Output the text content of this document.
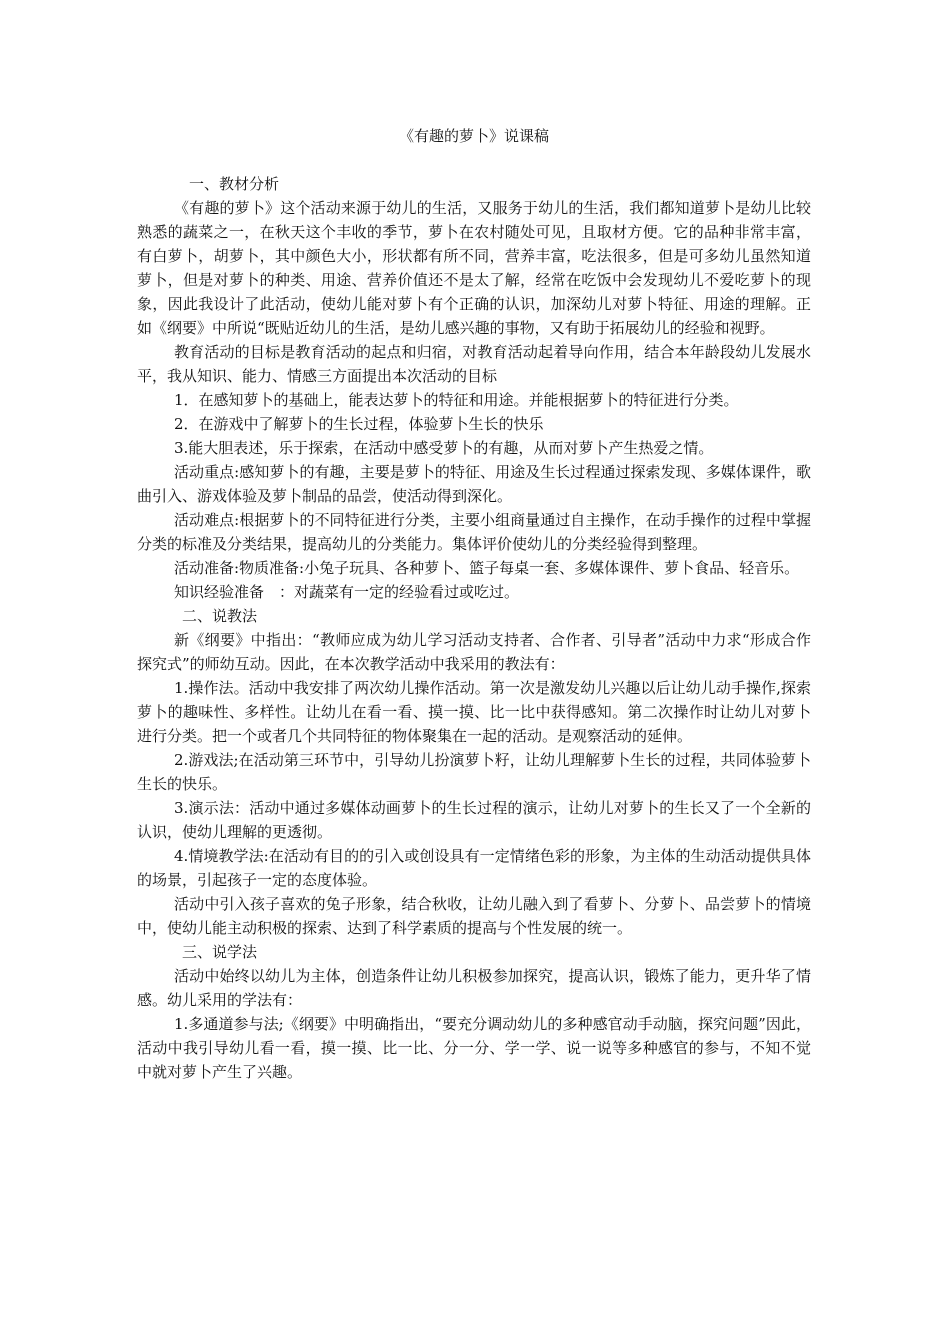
《有趣的萝卜》说课稿

一、教材分析

《有趣的萝卜》这个活动来源于幼儿的生活，又服务于幼儿的生活，我们都知道萝卜是幼儿比较熟悉的蔬菜之一，在秋天这个丰收的季节，萝卜在农村随处可见，且取材方便。它的品种非常丰富，有白萝卜，胡萝卜，其中颜色大小，形状都有所不同，营养丰富，吃法很多，但是可多幼儿虽然知道萝卜，但是对萝卜的种类、用途、营养价值还不是太了解，经常在吃饭中会发现幼儿不爱吃萝卜的现象，因此我设计了此活动，使幼儿能对萝卜有个正确的认识，加深幼儿对萝卜特征、用途的理解。正如《纲要》中所说“既贴近幼儿的生活，是幼儿感兴趣的事物，又有助于拓展幼儿的经验和视野。

教育活动的目标是教育活动的起点和归宿，对教育活动起着导向作用，结合本年龄段幼儿发展水平，我从知识、能力、情感三方面提出本次活动的目标

1．在感知萝卜的基础上，能表达萝卜的特征和用途。并能根据萝卜的特征进行分类。

2．在游戏中了解萝卜的生长过程，体验萝卜生长的快乐

3.能大胆表述，乐于探索，在活动中感受萝卜的有趣，从而对萝卜产生热爱之情。

活动重点:感知萝卜的有趣，主要是萝卜的特征、用途及生长过程通过探索发现、多媒体课件，歌曲引入、游戏体验及萝卜制品的品尝，使活动得到深化。

活动难点:根据萝卜的不同特征进行分类，主要小组商量通过自主操作，在动手操作的过程中掌握分类的标准及分类结果，提高幼儿的分类能力。集体评价使幼儿的分类经验得到整理。

活动准备:物质准备:小兔子玩具、各种萝卜、篮子每桌一套、多媒体课件、萝卜食品、轻音乐。

知识经验准备　：对蔬菜有一定的经验看过或吃过。

二、说教法

新《纲要》中指出：“教师应成为幼儿学习活动支持者、合作者、引导者”活动中力求“形成合作探究式”的师幼互动。因此，在本次教学活动中我采用的教法有：

1.操作法。活动中我安排了两次幼儿操作活动。第一次是激发幼儿兴趣以后让幼儿动手操作,探索萝卜的趣味性、多样性。让幼儿在看一看、摸一摸、比一比中获得感知。第二次操作时让幼儿对萝卜进行分类。把一个或者几个共同特征的物体聚集在一起的活动。是观察活动的延伸。

2.游戏法;在活动第三环节中，引导幼儿扮演萝卜籽，让幼儿理解萝卜生长的过程，共同体验萝卜生长的快乐。

3.演示法：活动中通过多媒体动画萝卜的生长过程的演示，让幼儿对萝卜的生长又了一个全新的认识，使幼儿理解的更透彻。

4.情境教学法:在活动有目的的引入或创设具有一定情绪色彩的形象，为主体的生动活动提供具体的场景，引起孩子一定的态度体验。

活动中引入孩子喜欢的兔子形象，结合秋收，让幼儿融入到了看萝卜、分萝卜、品尝萝卜的情境中，使幼儿能主动积极的探索、达到了科学素质的提高与个性发展的统一。

三、说学法

活动中始终以幼儿为主体，创造条件让幼儿积极参加探究，提高认识，锻炼了能力，更升华了情感。幼儿采用的学法有：

1.多通道参与法;《纲要》中明确指出，“要充分调动幼儿的多种感官动手动脑，探究问题”因此，活动中我引导幼儿看一看，摸一摸、比一比、分一分、学一学、说一说等多种感官的参与，不知不觉中就对萝卜产生了兴趣。
